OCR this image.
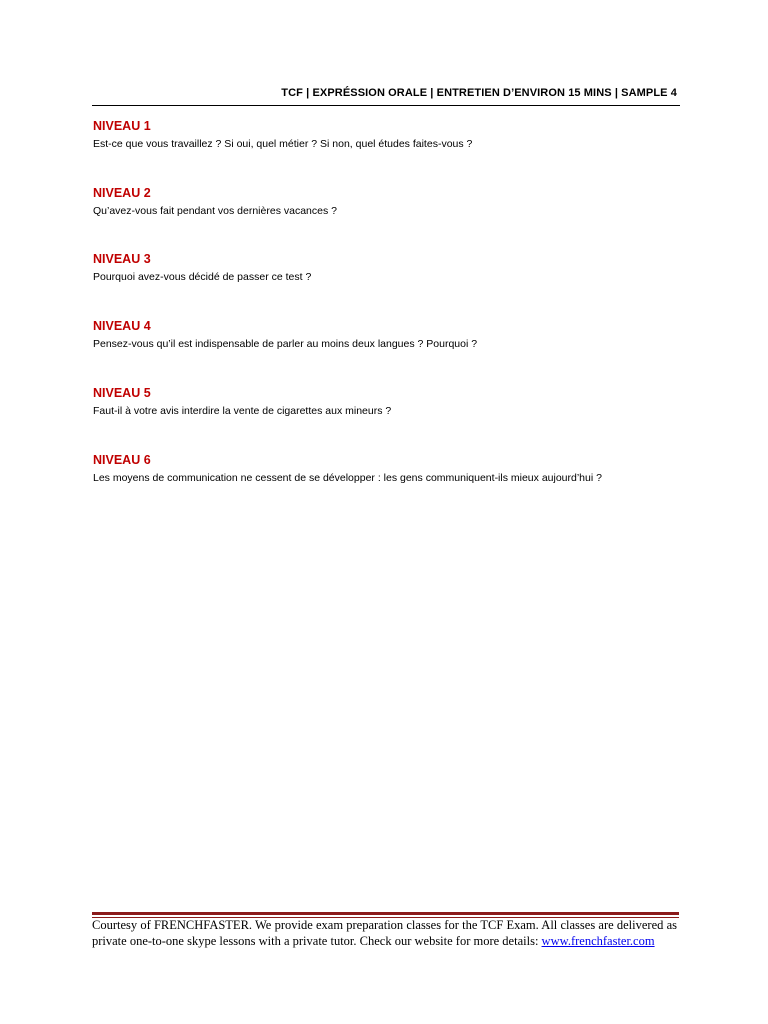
TCF | EXPRÉSSION ORALE | ENTRETIEN D’ENVIRON 15 MINS | SAMPLE 4
NIVEAU 1
Est-ce que vous travaillez ? Si oui, quel métier ? Si non, quel études faites-vous ?
NIVEAU 2
Qu’avez-vous fait pendant vos dernières vacances ?
NIVEAU 3
Pourquoi avez-vous décidé de passer ce test ?
NIVEAU 4
Pensez-vous qu’il est indispensable de parler au moins deux langues ? Pourquoi ?
NIVEAU 5
Faut-il à votre avis interdire la vente de cigarettes aux mineurs ?
NIVEAU 6
Les moyens de communication ne cessent de se développer : les gens communiquent-ils mieux aujourd’hui ?
Courtesy of FRENCHFASTER. We provide exam preparation classes for the TCF Exam. All classes are delivered as private one-to-one skype lessons with a private tutor. Check our website for more details: www.frenchfaster.com
